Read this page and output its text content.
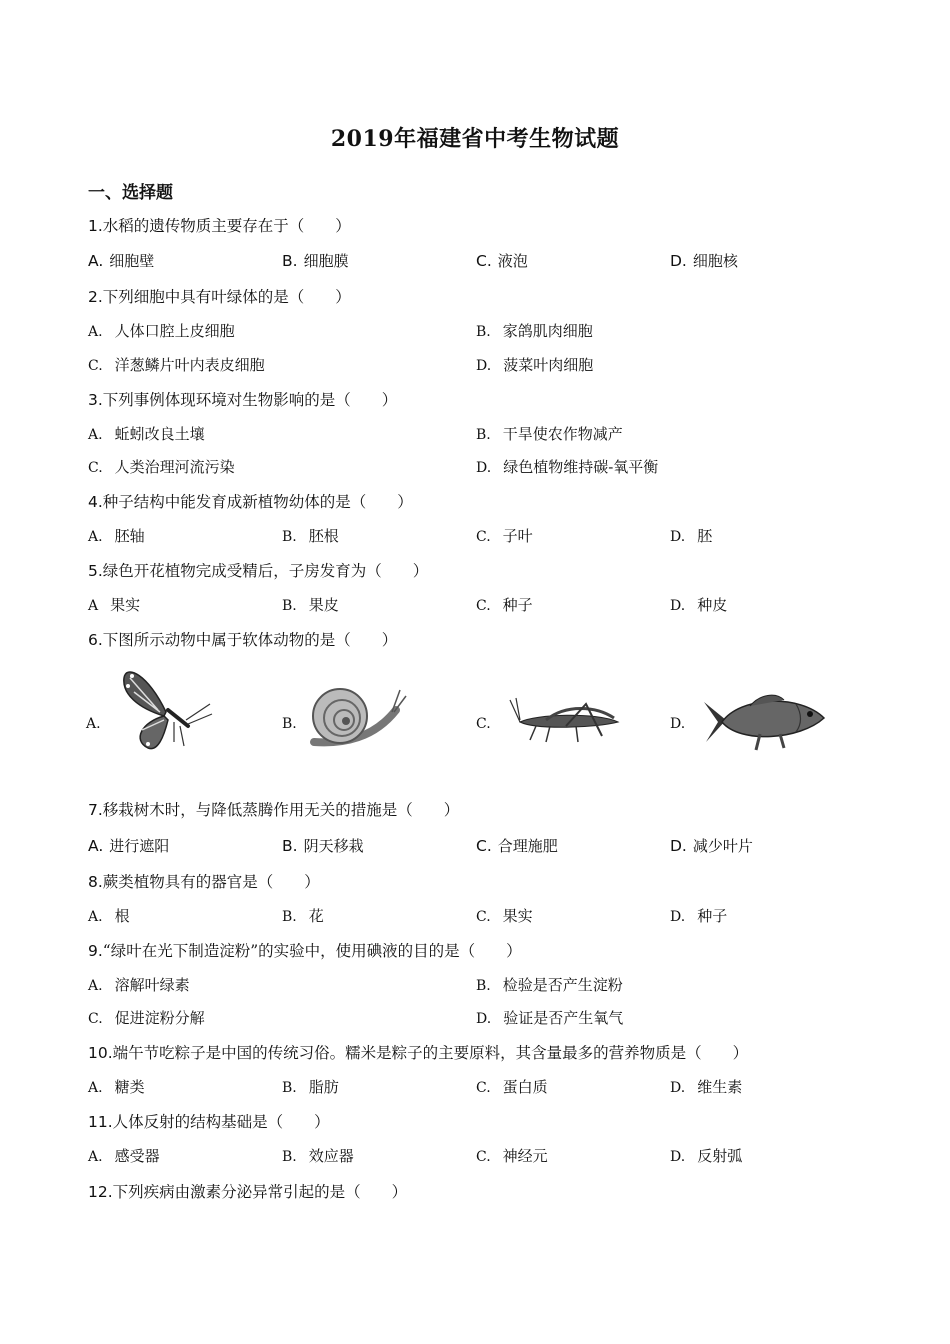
2019年福建省中考生物试题
一、选择题
1.水稻的遗传物质主要存在于（　　）
A. 细胞壁	B. 细胞膜	C. 液泡	D. 细胞核
2.下列细胞中具有叶绿体的是（　　）
A. 人体口腔上皮细胞	B. 家鸽肌肉细胞
C. 洋葱鳞片叶内表皮细胞	D. 菠菜叶肉细胞
3.下列事例体现环境对生物影响的是（　　）
A. 蚯蚓改良土壤	B. 干旱使农作物减产
C. 人类治理河流污染	D. 绿色植物维持碳-氧平衡
4.种子结构中能发育成新植物幼体的是（　　）
A. 胚轴	B. 胚根	C. 子叶	D. 胚
5.绿色开花植物完成受精后，子房发育为（　　）
A 果实	B. 果皮	C. 种子	D. 种皮
6.下图所示动物中属于软体动物的是（　　）
A.	B.	C.	D.
7.移栽树木时，与降低蒸腾作用无关的措施是（　　）
A. 进行遮阳	B. 阴天移栽	C. 合理施肥	D. 减少叶片
8.蕨类植物具有的器官是（　　）
A. 根	B. 花	C. 果实	D. 种子
9.“绿叶在光下制造淀粉”的实验中，使用碘液的目的是（　　）
A. 溶解叶绿素	B. 检验是否产生淀粉
C. 促进淀粉分解	D. 验证是否产生氧气
10.端午节吃粽子是中国的传统习俗。糯米是粽子的主要原料，其含量最多的营养物质是（　　）
A. 糖类	B. 脂肪	C. 蛋白质	D. 维生素
11.人体反射的结构基础是（　　）
A. 感受器	B. 效应器	C. 神经元	D. 反射弧
12.下列疾病由激素分泌异常引起的是（　　）
